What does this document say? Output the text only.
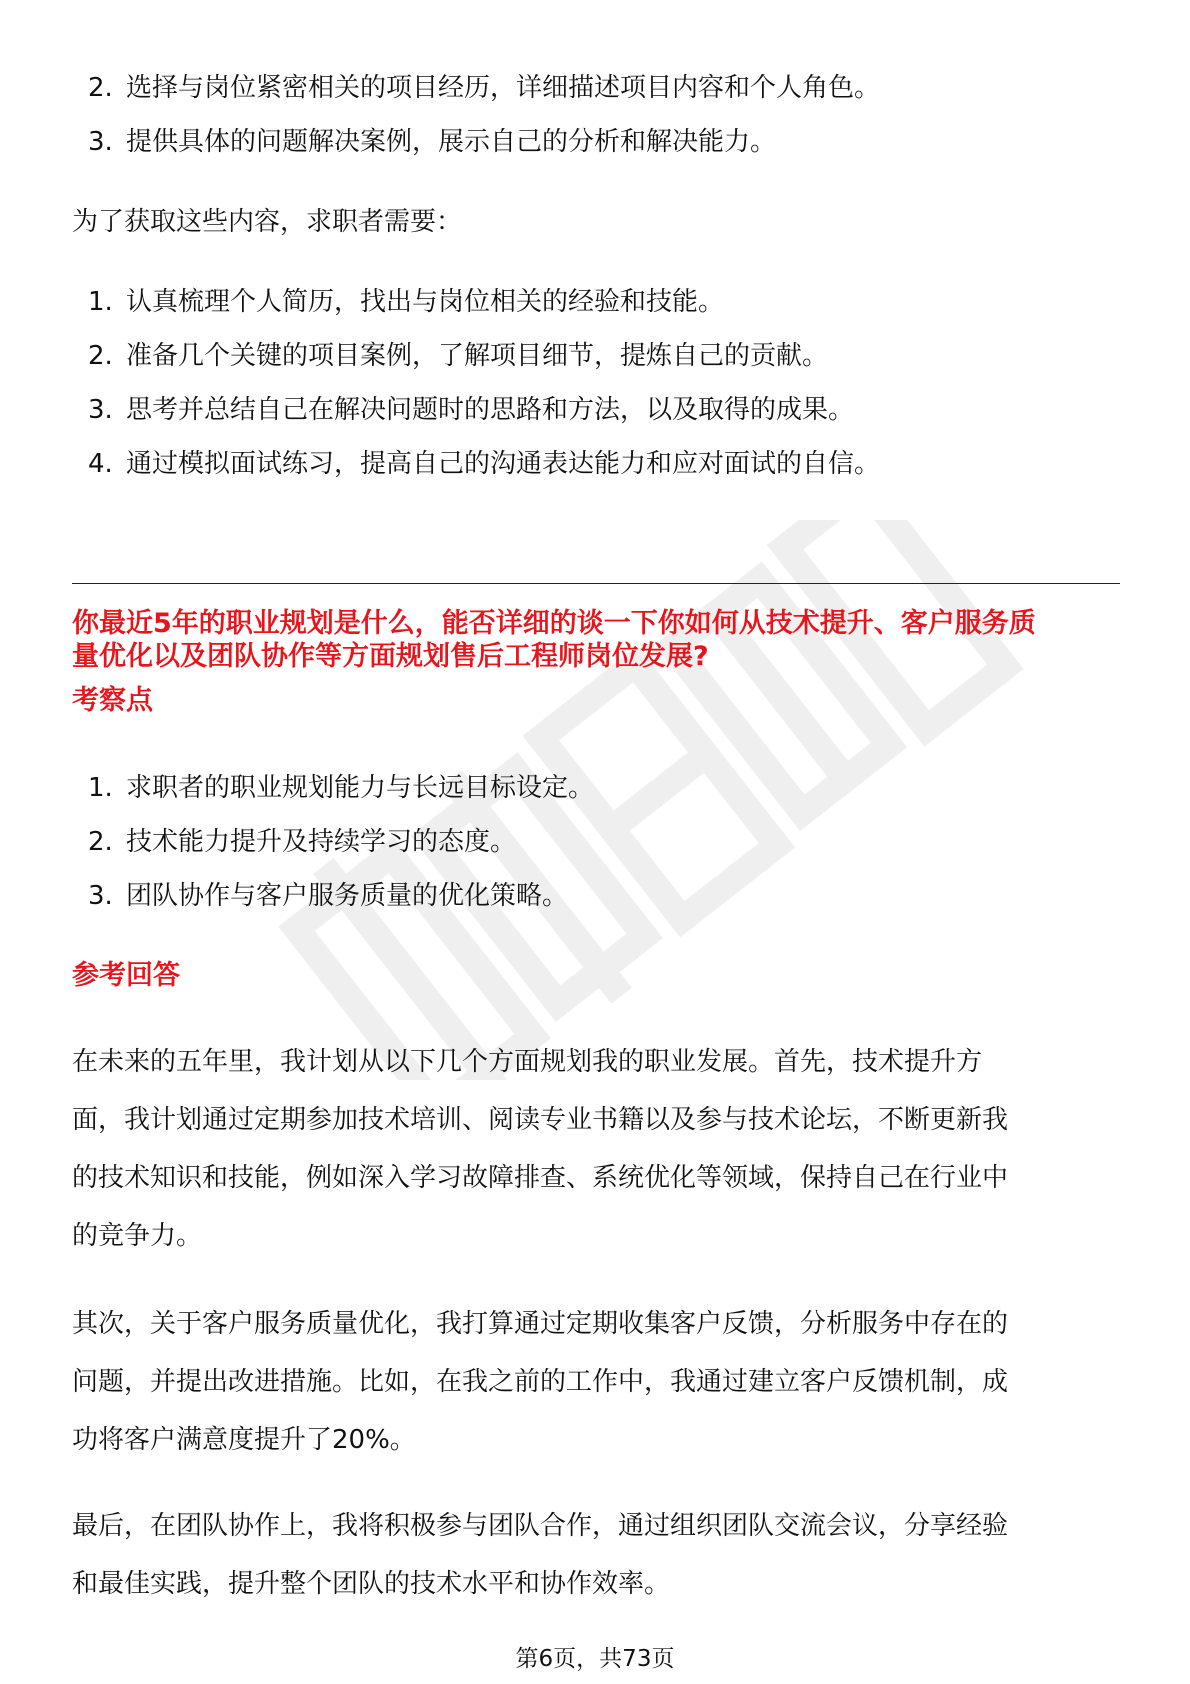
2. 选择与岗位紧密相关的项目经历，详细描述项目内容和个人角色。
3. 提供具体的问题解决案例，展示自己的分析和解决能力。
为了获取这些内容，求职者需要：
1. 认真梳理个人简历，找出与岗位相关的经验和技能。
2. 准备几个关键的项目案例，了解项目细节，提炼自己的贡献。
3. 思考并总结自己在解决问题时的思路和方法，以及取得的成果。
4. 通过模拟面试练习，提高自己的沟通表达能力和应对面试的自信。
你最近5年的职业规划是什么，能否详细的谈一下你如何从技术提升、客户服务质
量优化以及团队协作等方面规划售后工程师岗位发展?
考察点
1. 求职者的职业规划能力与长远目标设定。
2. 技术能力提升及持续学习的态度。
3. 团队协作与客户服务质量的优化策略。
参考回答
在未来的五年里，我计划从以下几个方面规划我的职业发展。首先，技术提升方
面，我计划通过定期参加技术培训、阅读专业书籍以及参与技术论坛，不断更新我
的技术知识和技能，例如深入学习故障排查、系统优化等领域，保持自己在行业中
的竞争力。
其次，关于客户服务质量优化，我打算通过定期收集客户反馈，分析服务中存在的
问题，并提出改进措施。比如，在我之前的工作中，我通过建立客户反馈机制，成
功将客户满意度提升了20%。
最后，在团队协作上，我将积极参与团队合作，通过组织团队交流会议，分享经验
和最佳实践，提升整个团队的技术水平和协作效率。
第6页，共73页
